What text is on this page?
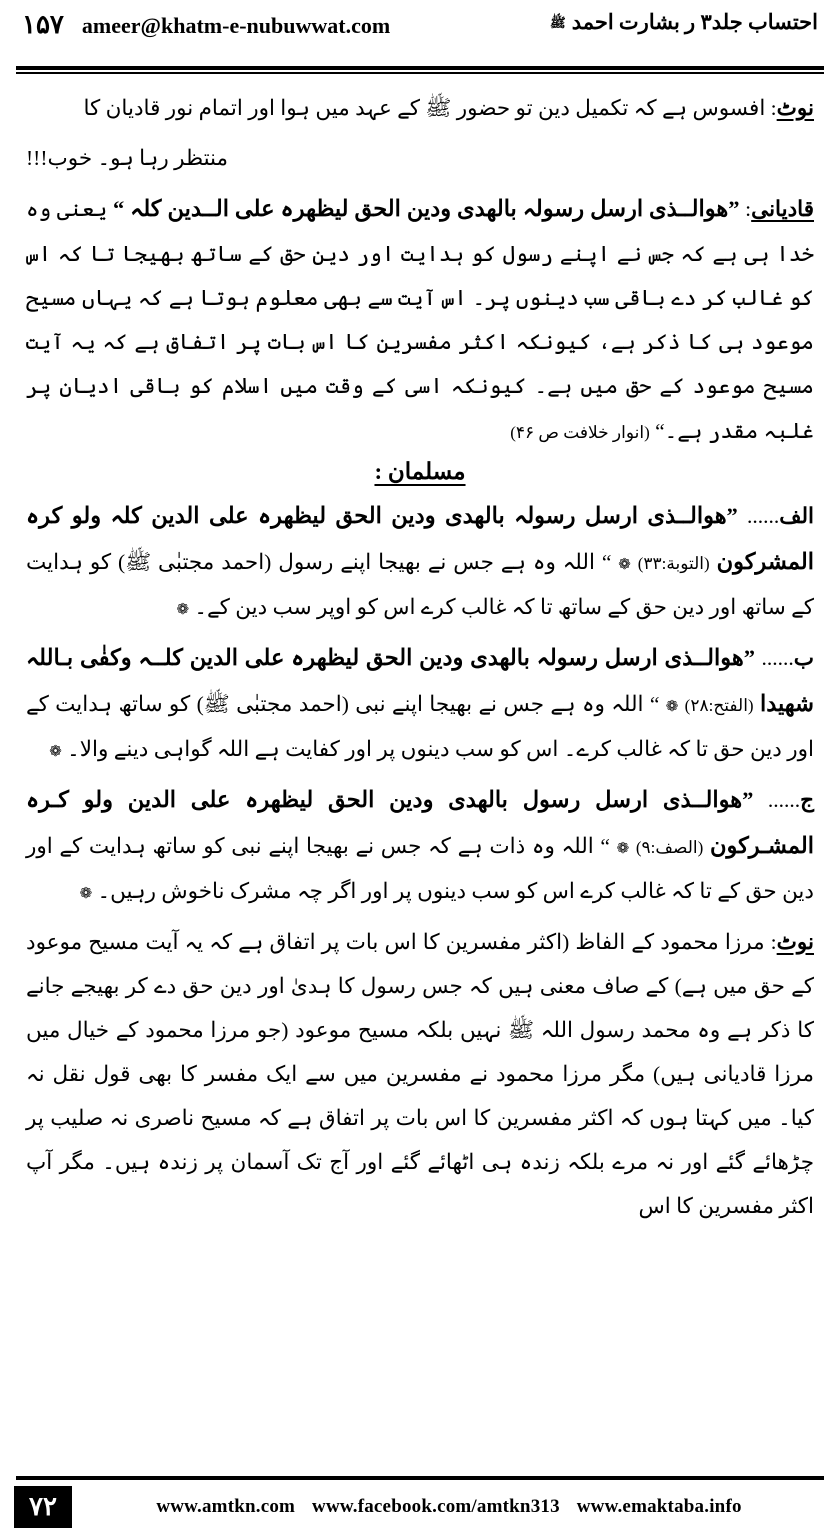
احتساب جلد۳ ر بشارت احمد
ﷺ
۱۵۷ ameer@khatm-e-nubuwwat.com

نوٹ: افسوس ہے کہ تکمیل دین تو حضور ﷺ کے عہد میں ہوا اور اتمام نور قادیان کا

منتظر رہا ہو۔ خوب!!!

قادیانی: ”ھوالــذی ارسل رسولہ بالھدی ودین الحق لیظھرہ علی الــدین کلہ “ یعنی وہ خدا ہی ہے کہ جس نے اپنے رسول کو ہدایت اور دین حق کے ساتھ بھیجا تا کہ اس کو غالب کر دے باقی سب دینوں پر۔ اس آیت سے بھی معلوم ہوتا ہے کہ یہاں مسیح موعود ہی کا ذکر ہے، کیونکہ اکثر مفسرین کا اس بات پر اتفاق ہے کہ یہ آیت مسیح موعود کے حق میں ہے۔ کیونکہ اسی کے وقت میں اسلام کو باقی ادیان پر غلبہ مقدر ہے۔“ (انوار خلافت ص ۴۶)

مسلمان :

الف...... ”ھوالــذی ارسل رسولہ بالھدی ودین الحق لیظھرہ علی الدین کلہ ولو کرہ المشرکون (التوبة:۳۳) ❁ “ اللہ وہ ہے جس نے بھیجا اپنے رسول (احمد مجتبٰی ﷺ) کو ہدایت کے ساتھ اور دین حق کے ساتھ تا کہ غالب کرے اس کو اوپر سب دین کے۔ ❁

ب...... ”ھوالــذی ارسل رسولہ بالھدی ودین الحق لیظھرہ علی الدین کلــہ وکفٰی بـاللہ شھیدا (الفتح:۲۸) ❁ “ اللہ وہ ہے جس نے بھیجا اپنے نبی (احمد مجتبٰی ﷺ) کو ساتھ ہدایت کے اور دین حق تا کہ غالب کرے۔ اس کو سب دینوں پر اور کفایت ہے اللہ گواہی دینے والا۔ ❁

ج...... ”ھوالــذی ارسل رسول بالھدی ودین الحق لیظھرہ علی الدین ولو کـرہ المشـرکون (الصف:۹) ❁ “ اللہ وہ ذات ہے کہ جس نے بھیجا اپنے نبی کو ساتھ ہدایت کے اور دین حق کے تا کہ غالب کرے اس کو سب دینوں پر اور اگر چہ مشرک ناخوش رہیں۔ ❁

نوٹ: مرزا محمود کے الفاظ (اکثر مفسرین کا اس بات پر اتفاق ہے کہ یہ آیت مسیح موعود کے حق میں ہے) کے صاف معنی ہیں کہ جس رسول کا ہدیٰ اور دین حق دے کر بھیجے جانے کا ذکر ہے وہ محمد رسول اللہ ﷺ نہیں بلکہ مسیح موعود (جو مرزا محمود کے خیال میں مرزا قادیانی ہیں) مگر مرزا محمود نے مفسرین میں سے ایک مفسر کا بھی قول نقل نہ کیا۔ میں کہتا ہوں کہ اکثر مفسرین کا اس بات پر اتفاق ہے کہ مسیح ناصری نہ صلیب پر چڑھائے گئے اور نہ مرے بلکہ زندہ ہی اٹھائے گئے اور آج تک آسمان پر زندہ ہیں۔ مگر آپ اکثر مفسرین کا اس

۷۲	www.amtkn.com www.facebook.com/amtkn313 www.emaktaba.info
